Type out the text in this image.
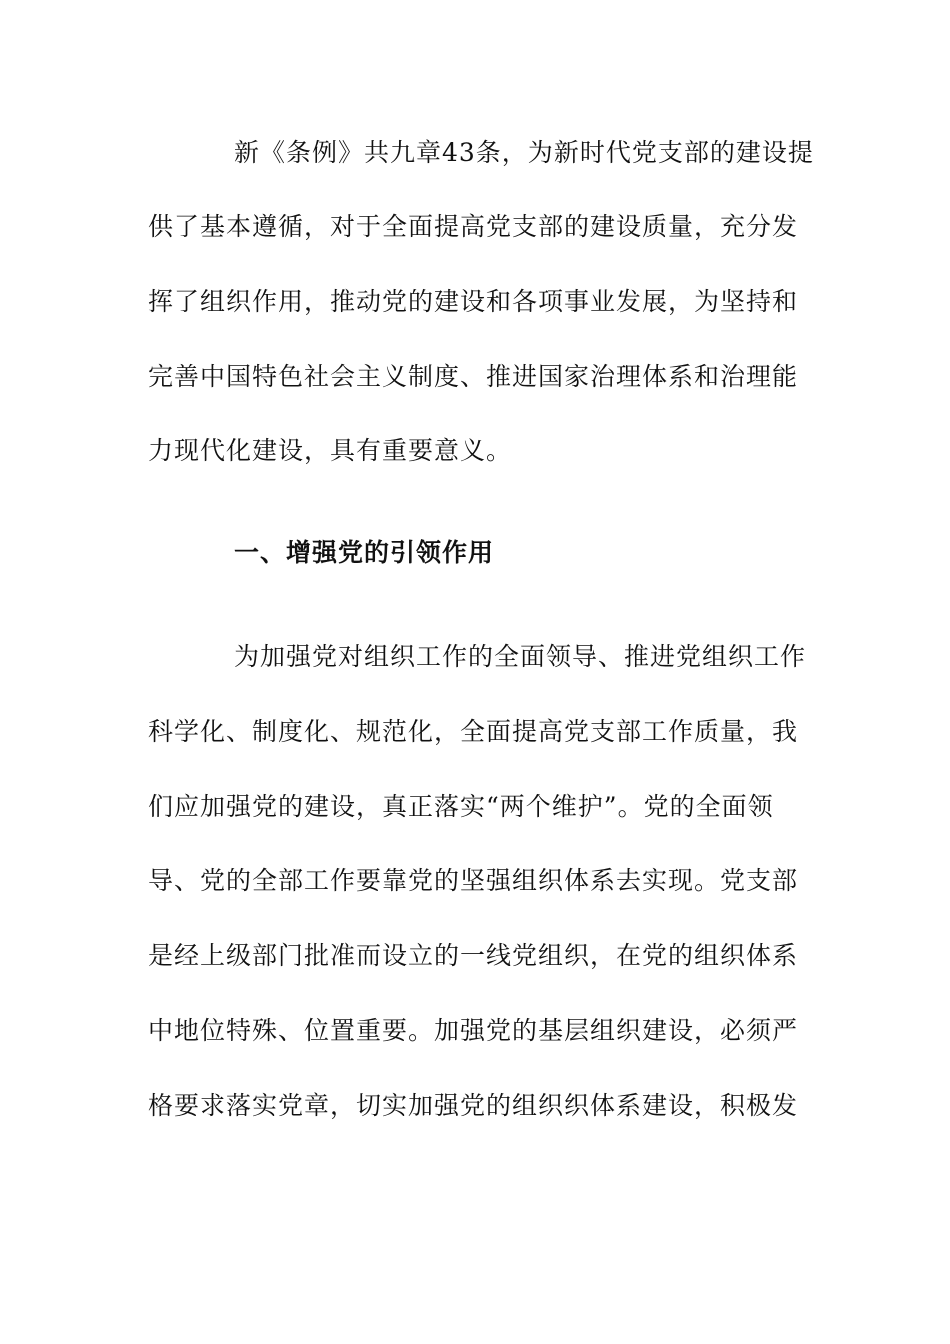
新《条例》共九章43条，为新时代党支部的建设提
供了基本遵循，对于全面提高党支部的建设质量，充分发
挥了组织作用，推动党的建设和各项事业发展，为坚持和
完善中国特色社会主义制度、推进国家治理体系和治理能
力现代化建设，具有重要意义。
一、增强党的引领作用
为加强党对组织工作的全面领导、推进党组织工作
科学化、制度化、规范化，全面提高党支部工作质量，我
们应加强党的建设，真正落实“两个维护”。党的全面领
导、党的全部工作要靠党的坚强组织体系去实现。党支部
是经上级部门批准而设立的一线党组织，在党的组织体系
中地位特殊、位置重要。加强党的基层组织建设，必须严
格要求落实党章，切实加强党的组织织体系建设，积极发
